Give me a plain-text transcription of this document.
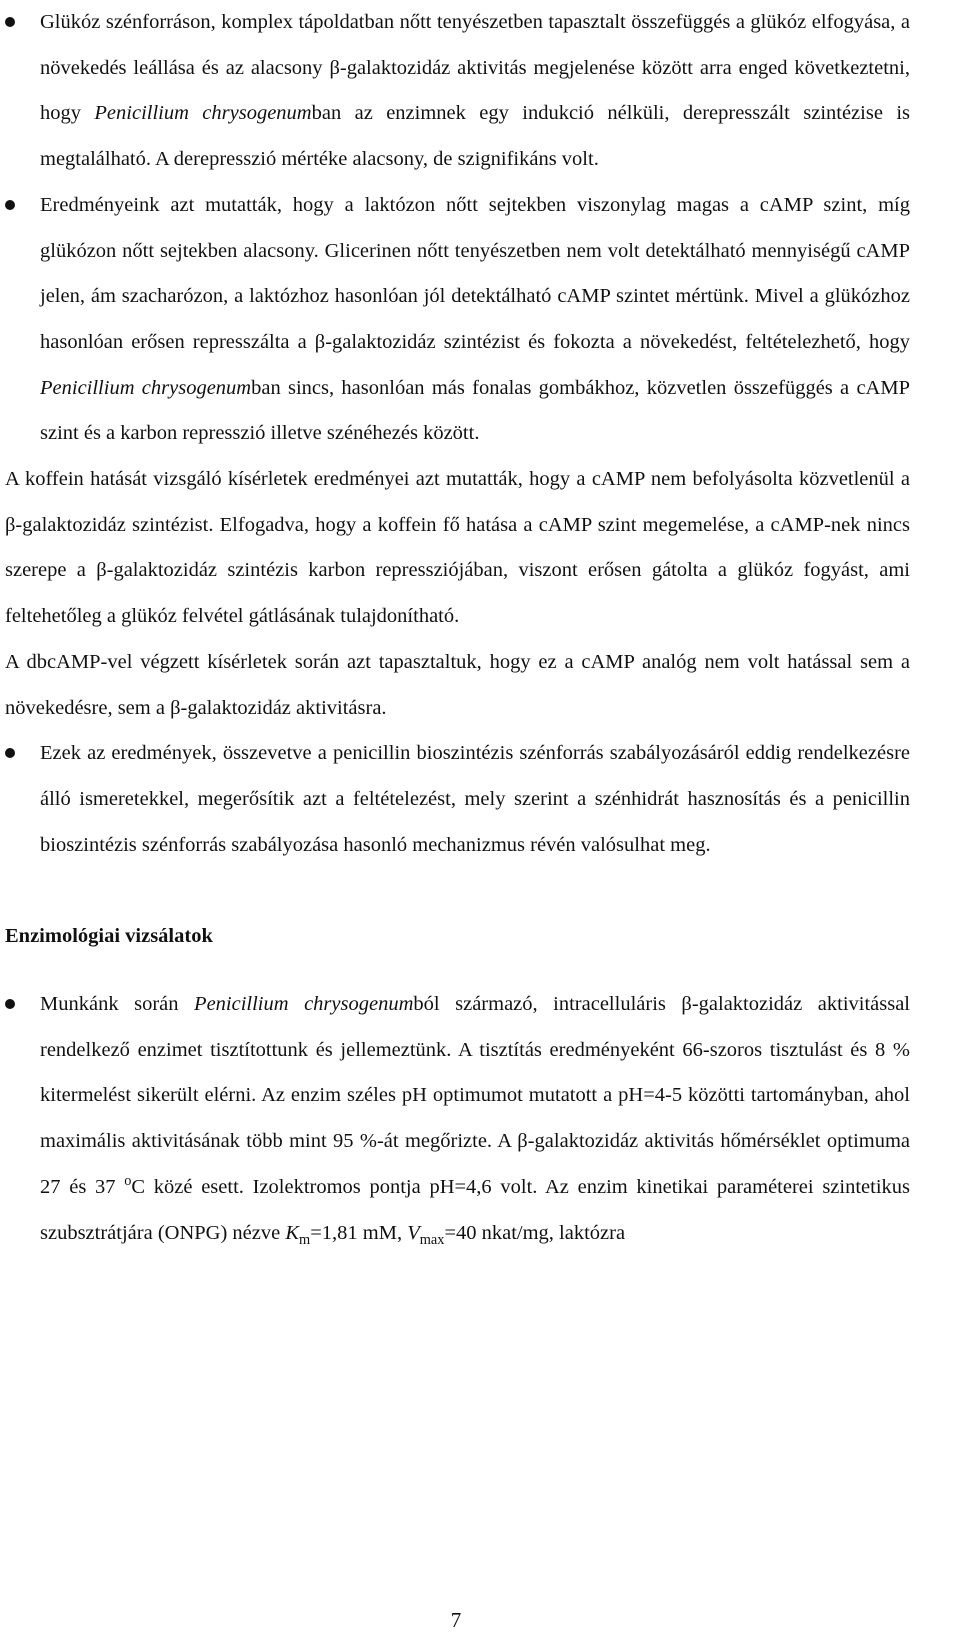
Glükóz szénforráson, komplex tápoldatban nőtt tenyészetben tapasztalt összefüggés a glükóz elfogyása, a növekedés leállása és az alacsony β-galaktozidáz aktivitás megjelenése között arra enged következtetni, hogy Penicillium chrysogenumban az enzimnek egy indukció nélküli, derepresszált szintézise is megtalálható. A derepresszió mértéke alacsony, de szignifikáns volt.

Eredményeink azt mutatták, hogy a laktózon nőtt sejtekben viszonylag magas a cAMP szint, míg glükózon nőtt sejtekben alacsony. Glicerinen nőtt tenyészetben nem volt detektálható mennyiségű cAMP jelen, ám szacharózon, a laktózhoz hasonlóan jól detektálható cAMP szintet mértünk. Mivel a glükózhoz hasonlóan erősen represszálta a β-galaktozidáz szintézist és fokozta a növekedést, feltételezhető, hogy Penicillium chrysogenumban sincs, hasonlóan más fonalas gombákhoz, közvetlen összefüggés a cAMP szint és a karbon represszió illetve szénéhezés között.

A koffein hatását vizsgáló kísérletek eredményei azt mutatták, hogy a cAMP nem befolyásolta közvetlenül a β-galaktozidáz szintézist. Elfogadva, hogy a koffein fő hatása a cAMP szint megemelése, a cAMP-nek nincs szerepe a β-galaktozidáz szintézis karbon repressziójában, viszont erősen gátolta a glükóz fogyást, ami feltehetőleg a glükóz felvétel gátlásának tulajdonítható.

A dbcAMP-vel végzett kísérletek során azt tapasztaltuk, hogy ez a cAMP analóg nem volt hatással sem a növekedésre, sem a β-galaktozidáz aktivitásra.

Ezek az eredmények, összevetve a penicillin bioszintézis szénforrás szabályozásáról eddig rendelkezésre álló ismeretekkel, megerősítik azt a feltételezést, mely szerint a szénhidrát hasznosítás és a penicillin bioszintézis szénforrás szabályozása hasonló mechanizmus révén valósulhat meg.

Enzimológiai vizsálatok

Munkánk során Penicillium chrysogenumból származó, intracelluláris β-galaktozidáz aktivitással rendelkező enzimet tisztítottunk és jellemeztünk. A tisztítás eredményeként 66-szoros tisztulást és 8 % kitermelést sikerült elérni. Az enzim széles pH optimumot mutatott a pH=4-5 közötti tartományban, ahol maximális aktivitásának több mint 95 %-át megőrizte. A β-galaktozidáz aktivitás hőmérséklet optimuma 27 és 37 $^o$C közé esett. Izolektromos pontja pH=4,6 volt. Az enzim kinetikai paraméterei szintetikus szubsztrátjára (ONPG) nézve $K_m=1,81$ mM, $V_{max}=40$ nkat/mg, laktózra

7
